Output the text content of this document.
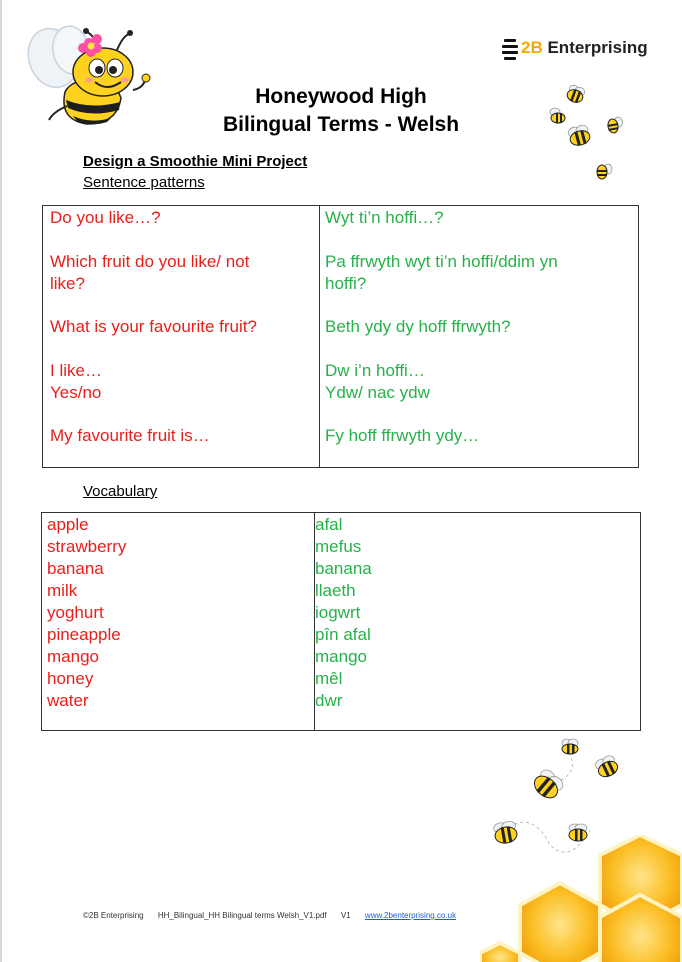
2B Enterprising
Honeywood High
Bilingual Terms - Welsh
Design a Smoothie Mini Project
Sentence patterns
Do you like…?
Which fruit do you like/ not
like?
What is your favourite fruit?
I like…
Yes/no
My favourite fruit is…
Wyt ti’n hoffi…?
Pa ffrwyth wyt ti’n hoffi/ddim yn
hoffi?
Beth ydy dy hoff ffrwyth?
Dw i’n hoffi…
Ydw/ nac ydw
Fy hoff ffrwyth ydy…
Vocabulary
apple
strawberry
banana
milk
yoghurt
pineapple
mango
honey
water
afal
mefus
banana
llaeth
iogwrt
pîn afal
mango
mêl
dwr
©2B Enterprising HH_Bilingual_HH Bilingual terms Welsh_V1.pdf V1 www.2benterprising.co.uk
